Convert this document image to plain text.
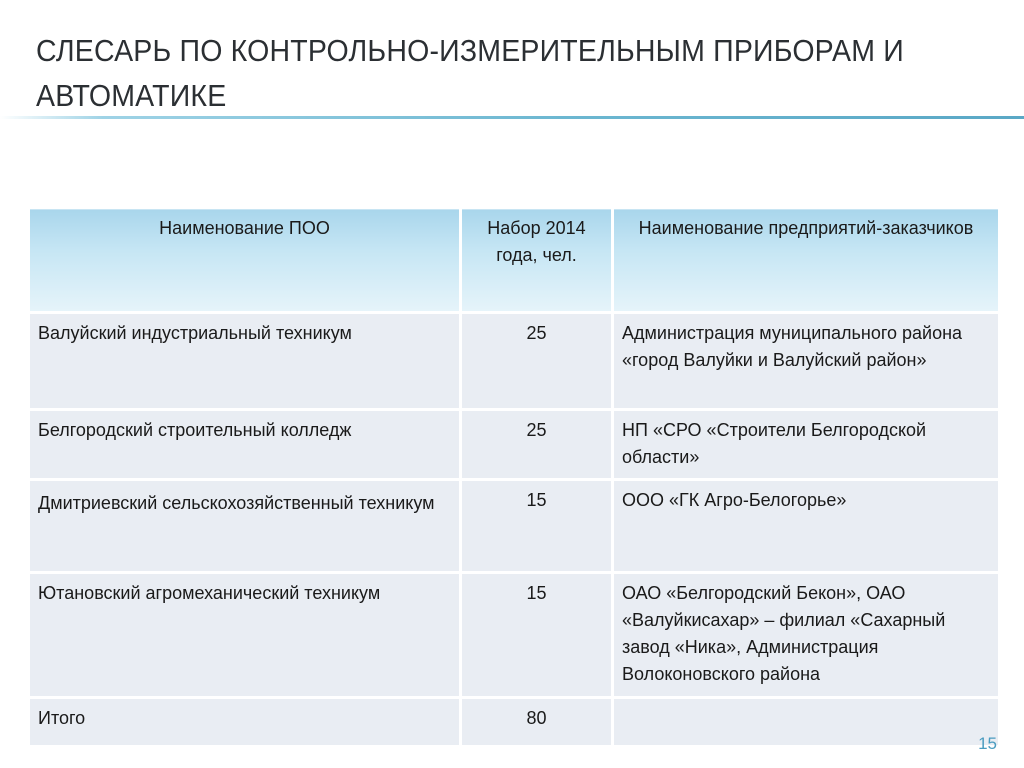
СЛЕСАРЬ ПО КОНТРОЛЬНО-ИЗМЕРИТЕЛЬНЫМ ПРИБОРАМ И АВТОМАТИКЕ
Наименование ПОО	Набор 2014 года, чел.	Наименование предприятий-заказчиков
Валуйский индустриальный техникум	25	Администрация муниципального района «город Валуйки и Валуйский район»
Белгородский строительный колледж	25	НП «СРО «Строители Белгородской области»
Дмитриевский сельскохозяйственный техникум	15	ООО «ГК Агро-Белогорье»
Ютановский агромеханический техникум	15	ОАО «Белгородский Бекон», ОАО «Валуйкисахар» – филиал «Сахарный завод «Ника», Администрация Волоконовского района
Итого	80	
15
